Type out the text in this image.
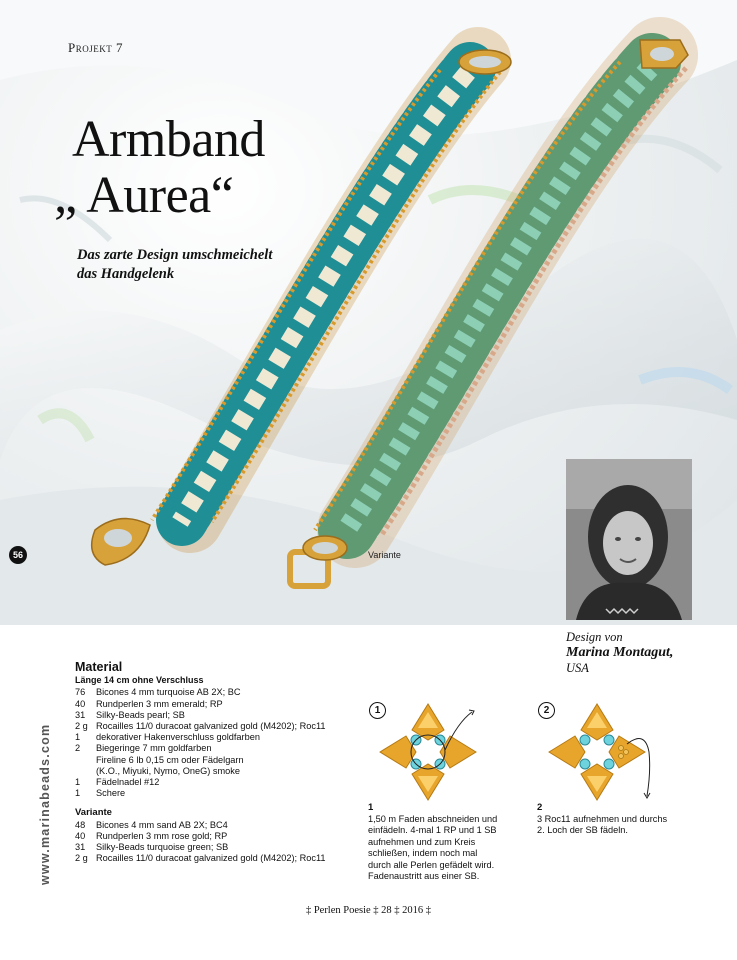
Projekt 7
Armband
„ Aurea“
Das zarte Design umschmeichelt das Handgelenk
56	Variante
Design von
Marina Montagut,
USA
www.marinabeads.com
Material
Länge 14 cm ohne Verschluss
76	Bicones 4 mm turquoise AB 2X; BC
40	Rundperlen 3 mm emerald; RP
31	Silky-Beads pearl; SB
2 g Rocailles 11/0 duracoat galvanized gold (M4202); Roc11
1	dekorativer Hakenverschluss goldfarben
2	Biegeringe 7 mm goldfarben
Fireline 6 lb 0,15 cm oder Fädelgarn
(K.O., Miyuki, Nymo, OneG) smoke
1	Fädelnadel #12
1	Schere
Variante
48	Bicones 4 mm sand AB 2X; BC4
40	Rundperlen 3 mm rose gold; RP
31	Silky-Beads turquoise green; SB
2 g Rocailles 11/0 duracoat galvanized gold (M4202); Roc11
1
1
1,50 m Faden abschneiden und einfädeln. 4-mal 1 RP und 1 SB aufnehmen und zum Kreis schließen, indem noch mal durch alle Perlen gefädelt wird. Fadenaustritt aus einer SB.
2
2
3 Roc11 aufnehmen und durchs 2. Loch der SB fädeln.
‡ Perlen Poesie ‡ 28 ‡ 2016 ‡
